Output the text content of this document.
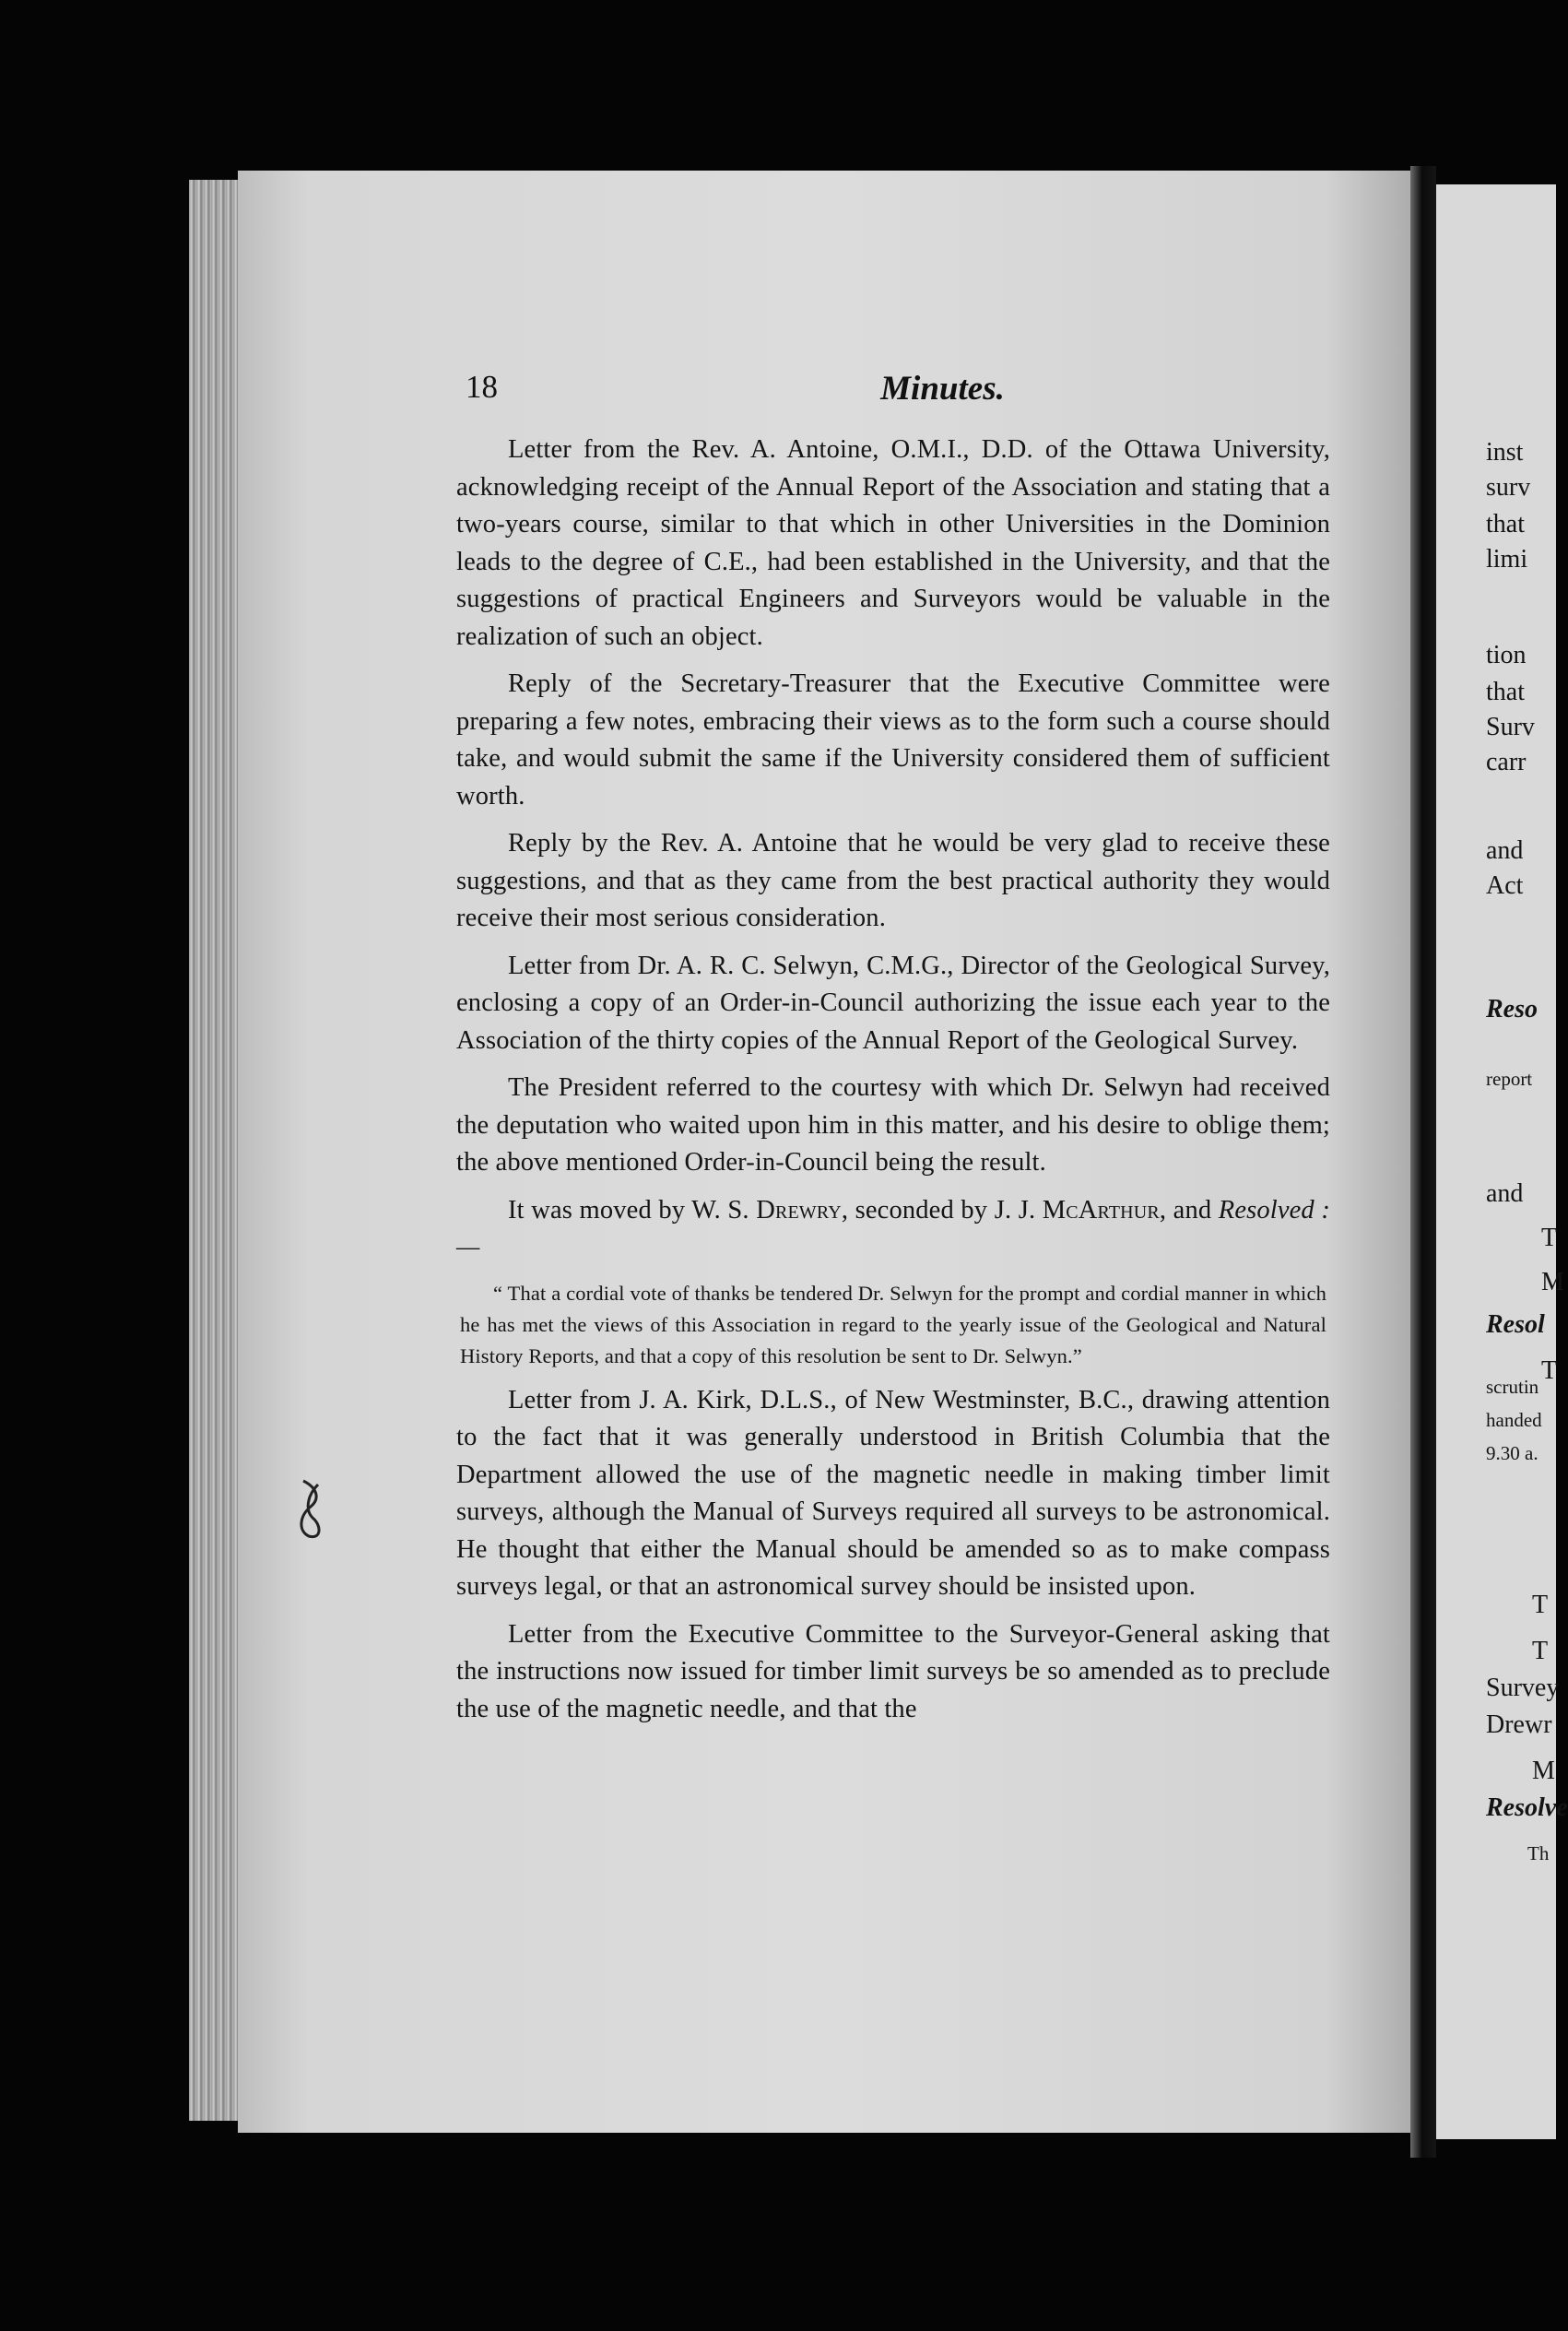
18	Minutes.

Letter from the Rev. A. Antoine, O.M.I., D.D. of the Ottawa University, acknowledging receipt of the Annual Report of the Association and stating that a two-years course, similar to that which in other Universities in the Dominion leads to the degree of C.E., had been established in the University, and that the suggestions of practical Engineers and Surveyors would be valuable in the realization of such an object.

Reply of the Secretary-Treasurer that the Executive Committee were preparing a few notes, embracing their views as to the form such a course should take, and would submit the same if the University considered them of sufficient worth.

Reply by the Rev. A. Antoine that he would be very glad to receive these suggestions, and that as they came from the best practical authority they would receive their most serious consideration.

Letter from Dr. A. R. C. Selwyn, C.M.G., Director of the Geological Survey, enclosing a copy of an Order-in-Council authorizing the issue each year to the Association of the thirty copies of the Annual Report of the Geological Survey.

The President referred to the courtesy with which Dr. Selwyn had received the deputation who waited upon him in this matter, and his desire to oblige them; the above mentioned Order-in-Council being the result.

It was moved by W. S. Drewry, seconded by J. J. McArthur, and Resolved :—

“ That a cordial vote of thanks be tendered Dr. Selwyn for the prompt and cordial manner in which he has met the views of this Association in regard to the yearly issue of the Geological and Natural History Reports, and that a copy of this resolution be sent to Dr. Selwyn.”

Letter from J. A. Kirk, D.L.S., of New Westminster, B.C., drawing attention to the fact that it was generally understood in British Columbia that the Department allowed the use of the magnetic needle in making timber limit surveys, although the Manual of Surveys required all surveys to be astronomical. He thought that either the Manual should be amended so as to make compass surveys legal, or that an astronomical survey should be insisted upon.

Letter from the Executive Committee to the Surveyor-General asking that the instructions now issued for timber limit surveys be so amended as to preclude the use of the magnetic needle, and that the

inst
surv
that
limi
tion
that
Surv
carr
and
Act
Reso
report
and
T
M
Resol
T
scrutin
handed
9.30 a.
T
T
Survey
Drewr
M
Resolve
Th
